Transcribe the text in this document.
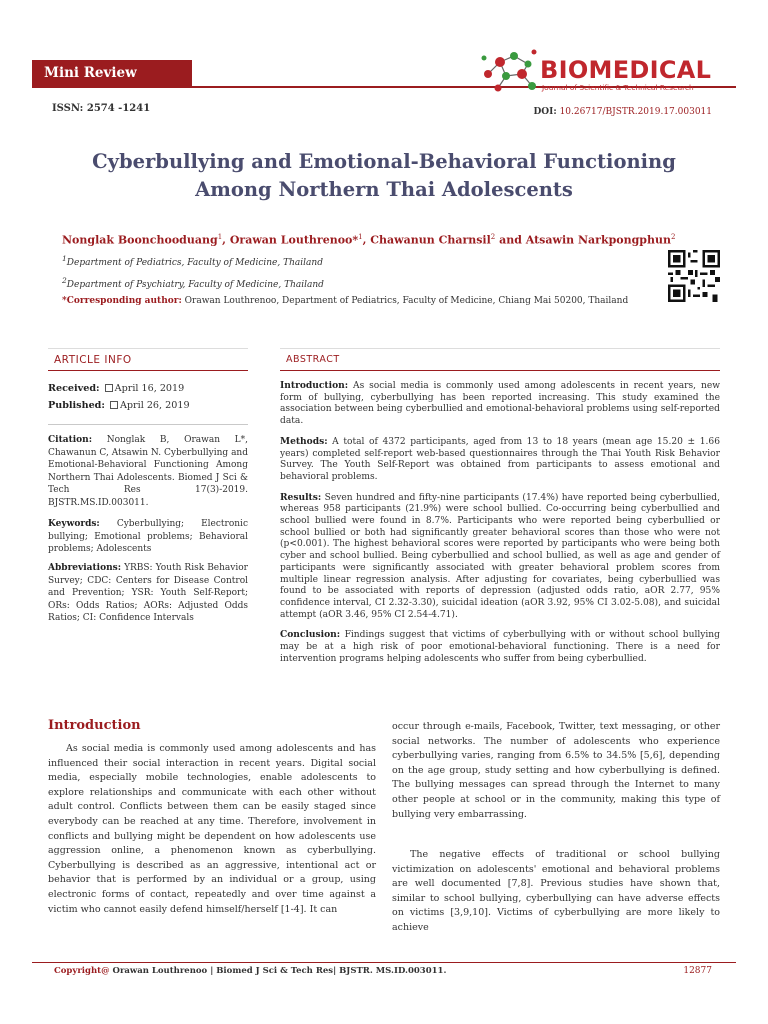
Mini Review
ISSN: 2574 -1241	DOI: 10.26717/BJSTR.2019.17.003011
BIOMEDICAL
Journal of Scientific & Technical Research
Cyberbullying and Emotional-Behavioral Functioning
Among Northern Thai Adolescents
Nonglak Boonchooduang$^1$, Orawan Louthrenoo*$^1$, Chawanun Charnsil$^2$ and Atsawin Narkpongphun$^2$
$^1$Department of Pediatrics, Faculty of Medicine, Thailand
$^2$Department of Psychiatry, Faculty of Medicine, Thailand
*Corresponding author: Orawan Louthrenoo, Department of Pediatrics, Faculty of Medicine, Chiang Mai 50200, Thailand
ARTICLE INFO
Received: April 16, 2019
Published: April 26, 2019
Citation: Nonglak B, Orawan L*, Chawanun C, Atsawin N. Cyberbullying and Emotional-Behavioral Functioning Among Northern Thai Adolescents. Biomed J Sci & Tech Res 17(3)-2019. BJSTR.MS.ID.003011.
Keywords: Cyberbullying; Electronic bullying; Emotional problems; Behavioral problems; Adolescents
Abbreviations: YRBS: Youth Risk Behavior Survey; CDC: Centers for Disease Control and Prevention; YSR: Youth Self-Report; ORs: Odds Ratios; AORs: Adjusted Odds Ratios; CI: Confidence Intervals
ABSTRACT

Introduction: As social media is commonly used among adolescents in recent years, new form of bullying, cyberbullying has been reported increasing. This study examined the association between being cyberbullied and emotional-behavioral problems using self-reported data.

Methods: A total of 4372 participants, aged from 13 to 18 years (mean age 15.20 ± 1.66 years) completed self-report web-based questionnaires through the Thai Youth Risk Behavior Survey. The Youth Self-Report was obtained from participants to assess emotional and behavioral problems.

Results: Seven hundred and fifty-nine participants (17.4%) have reported being cyberbullied, whereas 958 participants (21.9%) were school bullied. Co-occurring being cyberbullied and school bullied were found in 8.7%. Participants who were reported being cyberbullied or school bullied or both had significantly greater behavioral scores than those who were not (p<0.001). The highest behavioral scores were reported by participants who were being both cyber and school bullied. Being cyberbullied and school bullied, as well as age and gender of participants were significantly associated with greater behavioral problem scores from multiple linear regression analysis. After adjusting for covariates, being cyberbullied was found to be associated with reports of depression (adjusted odds ratio, aOR 2.77, 95% confidence interval, CI 2.32-3.30), suicidal ideation (aOR 3.92, 95% CI 3.02-5.08), and suicidal attempt (aOR 3.46, 95% CI 2.54-4.71).

Conclusion: Findings suggest that victims of cyberbullying with or without school bullying may be at a high risk of poor emotional-behavioral functioning. There is a need for intervention programs helping adolescents who suffer from being cyberbullied.

Introduction
As social media is commonly used among adolescents and has influenced their social interaction in recent years. Digital social media, especially mobile technologies, enable adolescents to explore relationships and communicate with each other without adult control. Conflicts between them can be easily staged since everybody can be reached at any time. Therefore, involvement in conflicts and bullying might be dependent on how adolescents use aggression online, a phenomenon known as cyberbullying. Cyberbullying is described as an aggressive, intentional act or behavior that is performed by an individual or a group, using electronic forms of contact, repeatedly and over time against a victim who cannot easily defend himself/herself [1-4]. It can
occur through e-mails, Facebook, Twitter, text messaging, or other social networks. The number of adolescents who experience cyberbullying varies, ranging from 6.5% to 34.5% [5,6], depending on the age group, study setting and how cyberbullying is defined. The bullying messages can spread through the Internet to many other people at school or in the community, making this type of bullying very embarrassing.
The negative effects of traditional or school bullying victimization on adolescents' emotional and behavioral problems are well documented [7,8]. Previous studies have shown that, similar to school bullying, cyberbullying can have adverse effects on victims [3,9,10]. Victims of cyberbullying are more likely to achieve
Copyright@ Orawan Louthrenoo | Biomed J Sci & Tech Res| BJSTR. MS.ID.003011.	12877
